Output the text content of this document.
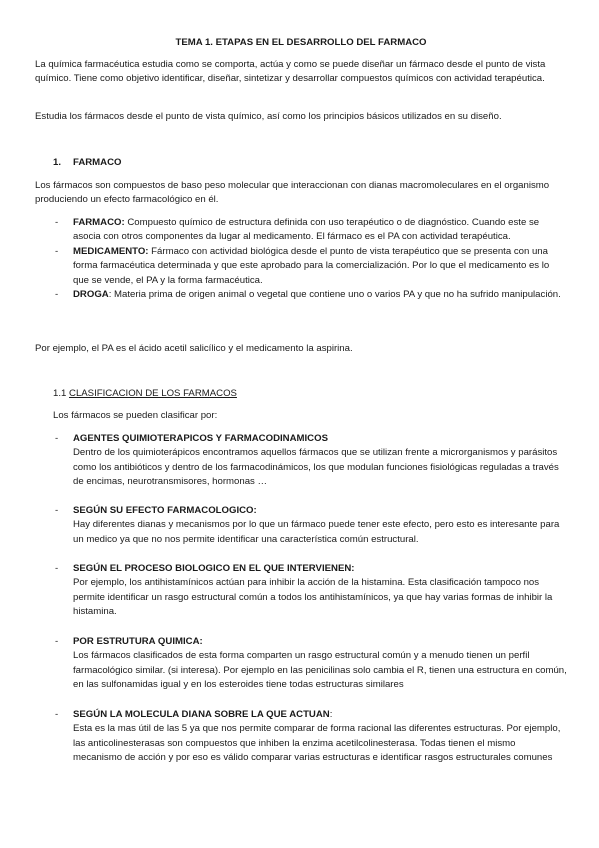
TEMA 1. ETAPAS EN EL DESARROLLO DEL FARMACO

La química farmacéutica estudia como se comporta, actúa y como se puede diseñar un fármaco desde el punto de vista químico. Tiene como objetivo identificar, diseñar, sintetizar y desarrollar compuestos químicos con actividad terapéutica.

Estudia los fármacos desde el punto de vista químico, así como los principios básicos utilizados en su diseño.

1. FARMACO

Los fármacos son compuestos de baso peso molecular que interaccionan con dianas macromoleculares en el organismo produciendo un efecto farmacológico en él.

- FARMACO: Compuesto químico de estructura definida con uso terapéutico o de diagnóstico. Cuando este se asocia con otros componentes da lugar al medicamento. El fármaco es el PA con actividad terapéutica.
- MEDICAMENTO: Fármaco con actividad biológica desde el punto de vista terapéutico que se presenta con una forma farmacéutica determinada y que este aprobado para la comercialización. Por lo que el medicamento es lo que se vende, el PA y la forma farmacéutica.
- DROGA: Materia prima de origen animal o vegetal que contiene uno o varios PA y que no ha sufrido manipulación.

Por ejemplo, el PA es el ácido acetil salicílico y el medicamento la aspirina.

1.1 CLASIFICACION DE LOS FARMACOS

Los fármacos se pueden clasificar por:

- AGENTES QUIMIOTERAPICOS Y FARMACODINAMICOS
Dentro de los quimioterápicos encontramos aquellos fármacos que se utilizan frente a microrganismos y parásitos como los antibióticos y dentro de los farmacodinámicos, los que modulan funciones fisiológicas reguladas a través de encimas, neurotransmisores, hormonas …
- SEGÚN SU EFECTO FARMACOLOGICO:
Hay diferentes dianas y mecanismos por lo que un fármaco puede tener este efecto, pero esto es interesante para un medico ya que no nos permite identificar una característica común estructural.
- SEGÚN EL PROCESO BIOLOGICO EN EL QUE INTERVIENEN:
Por ejemplo, los antihistamínicos actúan para inhibir la acción de la histamina. Esta clasificación tampoco nos permite identificar un rasgo estructural común a todos los antihistamínicos, ya que hay varias formas de inhibir la histamina.
- POR ESTRUTURA QUIMICA:
Los fármacos clasificados de esta forma comparten un rasgo estructural común y a menudo tienen un perfil farmacológico similar. (si interesa). Por ejemplo en las penicilinas solo cambia el R, tienen una estructura en común, en las sulfonamidas igual y en los esteroides tiene todas estructuras similares
- SEGÚN LA MOLECULA DIANA SOBRE LA QUE ACTUAN:
Esta es la mas útil de las 5 ya que nos permite comparar de forma racional las diferentes estructuras. Por ejemplo, las anticolinesterasas son compuestos que inhiben la enzima acetilcolinesterasa. Todas tienen el mismo mecanismo de acción y por eso es válido comparar varias estructuras e identificar rasgos estructurales comunes
